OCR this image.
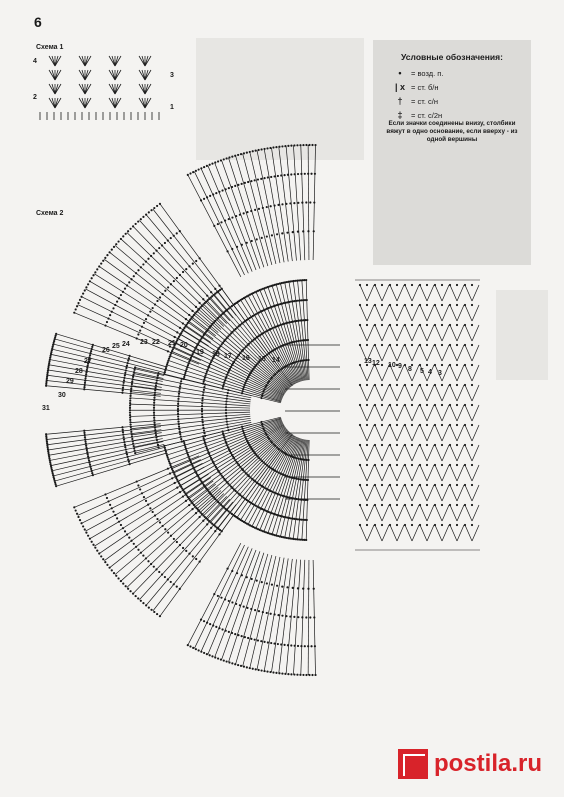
6
Схема 1
Схема 2
4
3
2
1
Условные обозначения:
•	= возд. п.
| х = ст. б/н
†	= ст. с/н
‡	= ст. с/2н
Если значки соединены внизу, столбики вяжут в одно основание, если вверху - из одной вершины
31
30
29
28
27
26
25 24 23 22 21 20
19 18 17 16 15 14	13 12 10 9 8 5 4 3
postila.ru
